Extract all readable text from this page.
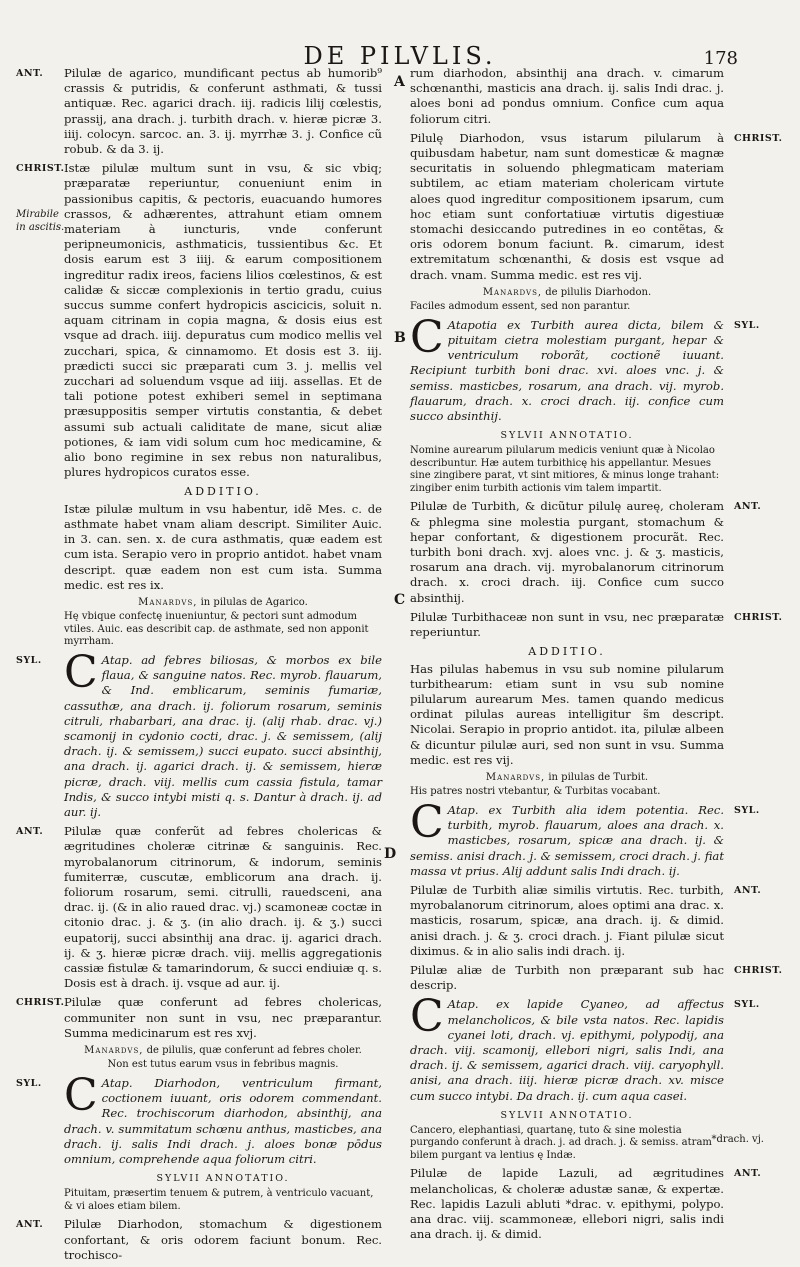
DE PILVLIS.	178
Mirabile
in ascitis.
A
B
C
D
ANT. Pilulæ de agarico, mundificant pectus ab humorib⁹ crassis & putridis, & conferunt asthmati, & tussi antiquæ. Rec. agarici drach. iij. radicis lilij cœlestis, prassij, ana drach. j. turbith drach. v. hieræ picræ 3. iiij. colocyn. sarcoc. an. 3. ij. myrrhæ 3. j. Confice cũ robub. & da 3. ij.
CHRIST. Istæ pilulæ multum sunt in vsu, & sic vbiq; præparatæ reperiuntur, conueniunt enim in passionibus capitis, & pectoris, euacuando humores crassos, & adhærentes, attrahunt etiam omnem materiam à iuncturis, vnde conferunt peripneumonicis, asthmaticis, tussientibus &c. Et dosis earum est 3 iiij. & earum compositionem ingreditur radix ireos, faciens lilios cœlestinos, & est calidæ & siccæ complexionis in tertio gradu, cuius succus summe confert hydropicis ascicicis, soluit n. aquam citrinam in copia magna, & dosis eius est vsque ad drach. iiij. depuratus cum modico mellis vel zucchari, spica, & cinnamomo. Et dosis est 3. iij. prædicti succi sic præparati cum 3. j. mellis vel zucchari ad soluendum vsque ad iiij. assellas. Et de tali potione potest exhiberi semel in septimana præsuppositis semper virtutis constantia, & debet assumi sub actuali caliditate de mane, sicut aliæ potiones, & iam vidi solum cum hoc medicamine, & alio bono regimine in sex rebus non naturalibus, plures hydropicos curatos esse.
ADDITIO.
Istæ pilulæ multum in vsu habentur, idẽ Mes. c. de asthmate habet vnam aliam descript. Similiter Auic. in 3. can. sen. x. de cura asthmatis, quæ eadem est cum ista. Serapio vero in proprio antidot. habet vnam descript. quæ eadem non est cum ista. Summa medic. est res ix.
Manardvs, in pilulas de Agarico.
Hę vbique confectę inueniuntur, & pectori sunt admodum vtiles. Auic. eas describit cap. de asthmate, sed non apponit myrrham.
SYL. C Atap. ad febres biliosas, & morbos ex bile flaua, & sanguine natos. Rec. myrob. flauarum, & Ind. emblicarum, seminis fumariæ, cassuthæ, ana drach. ij. foliorum rosarum, seminis citruli, rhabarbari, ana drac. ij. (alij rhab. drac. vj.) scamonij in cydonio cocti, drac. j. & semissem, (alij drach. ij. & semissem,) succi eupato. succi absinthij, ana drach. ij. agarici drach. ij. & semissem, hieræ picræ, drach. viij. mellis cum cassia fistula, tamar Indis, & succo intybi misti q. s. Dantur à drach. ij. ad aur. ij.
ANT. Pilulæ quæ conferũt ad febres cholericas & ægritudines choleræ citrinæ & sanguinis. Rec. myrobalanorum citrinorum, & indorum, seminis fumiterræ, cuscutæ, emblicorum ana drach. ij. foliorum rosarum, semi. citrulli, rauedsceni, ana drac. ij. (& in alio raued drac. vj.) scamoneæ coctæ in citonio drac. j. & ʒ. (in alio drach. ij. & ʒ.) succi eupatorij, succi absinthij ana drac. ij. agarici drach. ij. & ʒ. hieræ picræ drach. viij. mellis aggregationis cassiæ fistulæ & tamarindorum, & succi endiuiæ q. s. Dosis est à drach. ij. vsque ad aur. ij.
CHRIST. Pilulæ quæ conferunt ad febres cholericas, communiter non sunt in vsu, nec præparantur. Summa medicinarum est res xvj.
Manardvs, de pilulis, quæ conferunt ad febres choler.
Non est tutus earum vsus in febribus magnis.
SYL. C Atap. Diarhodon, ventriculum firmant, coctionem iuuant, oris odorem commendant. Rec. trochiscorum diarhodon, absinthij, ana drach. v. summitatum schœnu anthus, masticbes, ana drach. ij. salis Indi drach. j. aloes bonæ pōdus omnium, comprehende aqua foliorum citri.
SYLVII ANNOTATIO.
Pituitam, præsertim tenuem & putrem, à ventriculo vacuant, & vi aloes etiam bilem.
ANT. Pilulæ Diarhodon, stomachum & digestionem confortant, & oris odorem faciunt bonum. Rec. trochisco-
rum diarhodon, absinthij ana drach. v. cimarum schœnanthi, masticis ana drach. ij. salis Indi drac. j. aloes boni ad pondus omnium. Confice cum aqua foliorum citri.
CHRIST.
Pilulę Diarhodon, vsus istarum pilularum à quibusdam habetur, nam sunt domesticæ & magnæ securitatis in soluendo phlegmaticam materiam subtilem, ac etiam materiam cholericam virtute aloes quod ingreditur compositionem ipsarum, cum hoc etiam sunt confortatiuæ virtutis digestiuæ stomachi desiccando putredines in eo contẽtas, & oris odorem bonum faciunt. ℞. cimarum, idest extremitatum schœnanthi, & dosis est vsque ad drach. vnam. Summa medic. est res vij.
Manardvs, de pilulis Diarhodon.
Faciles admodum essent, sed non parantur.
SYL.
C Atapotia ex Turbith aurea dicta, bilem & pituitam cietra molestiam purgant, hepar & ventriculum roborãt, coctionẽ iuuant. Recipiunt turbith boni drac. xvi. aloes vnc. j. & semiss. masticbes, rosarum, ana drach. vij. myrob. flauarum, drach. x. croci drach. iij. confice cum succo absinthij.
SYLVII ANNOTATIO.
Nomine aurearum pilularum medicis veniunt quæ à Nicolao describuntur. Hæ autem turbithicę his appellantur. Mesues sine zingibere parat, vt sint mitiores, & minus longe trahant: zingiber enim turbith actionis vim talem impartit.
ANT.
Pilulæ de Turbith, & dicũtur pilulę aureę, choleram & phlegma sine molestia purgant, stomachum & hepar confortant, & digestionem procurãt. Rec. turbith boni drach. xvj. aloes vnc. j. & ʒ. masticis, rosarum ana drach. vij. myrobalanorum citrinorum drach. x. croci drach. iij. Confice cum succo absinthij.
CHRIST.
Pilulæ Turbithaceæ non sunt in vsu, nec præparatæ reperiuntur.
ADDITIO.
Has pilulas habemus in vsu sub nomine pilularum turbithearum: etiam sunt in vsu sub nomine pilularum aurearum Mes. tamen quando medicus ordinat pilulas aureas intelligitur s̃m descript. Nicolai. Serapio in proprio antidot. ita, pilulæ albeen & dicuntur pilulæ auri, sed non sunt in vsu. Summa medic. est res vij.
Manardvs, in pilulas de Turbit.
His patres nostri vtebantur, & Turbitas vocabant.
SYL.
C Atap. ex Turbith alia idem potentia. Rec. turbith, myrob. flauarum, aloes ana drach. x. masticbes, rosarum, spicæ ana drach. ij. & semiss. anisi drach. j. & semissem, croci drach. j. fiat massa vt prius. Alij addunt salis Indi drach. ij.
ANT.
Pilulæ de Turbith aliæ similis virtutis. Rec. turbith, myrobalanorum citrinorum, aloes optimi ana drac. x. masticis, rosarum, spicæ, ana drach. ij. & dimid. anisi drach. j. & ʒ. croci drach. j. Fiant pilulæ sicut diximus. & in alio salis indi drach. ij.
CHRIST.
Pilulæ aliæ de Turbith non præparant sub hac descrip.
SYL.
C Atap. ex lapide Cyaneo, ad affectus melancholicos, & bile vsta natos. Rec. lapidis cyanei loti, drach. vj. epithymi, polypodij, ana drach. viij. scamonij, ellebori nigri, salis Indi, ana drach. ij. & semissem, agarici drach. viij. caryophyll. anisi, ana drach. iiij. hieræ picræ drach. xv. misce cum succo intybi. Da drach. ij. cum aqua casei.
SYLVII ANNOTATIO.
Cancero, elephantiasi, quartanę, tuto & sine molestia purgando conferunt à drach. j. ad drach. j. & semiss. atram bilem purgant va lentius ę Indæ.
ANT.
Pilulæ de lapide Lazuli, ad ægritudines melancholicas, & choleræ adustæ sanæ, & expertæ. Rec. lapidis Lazuli abluti *drac. v. epithymi, polypo. ana drac. viij. scammoneæ, ellebori nigri, salis indi ana drach. ij. & dimid.
*drach. vj.
